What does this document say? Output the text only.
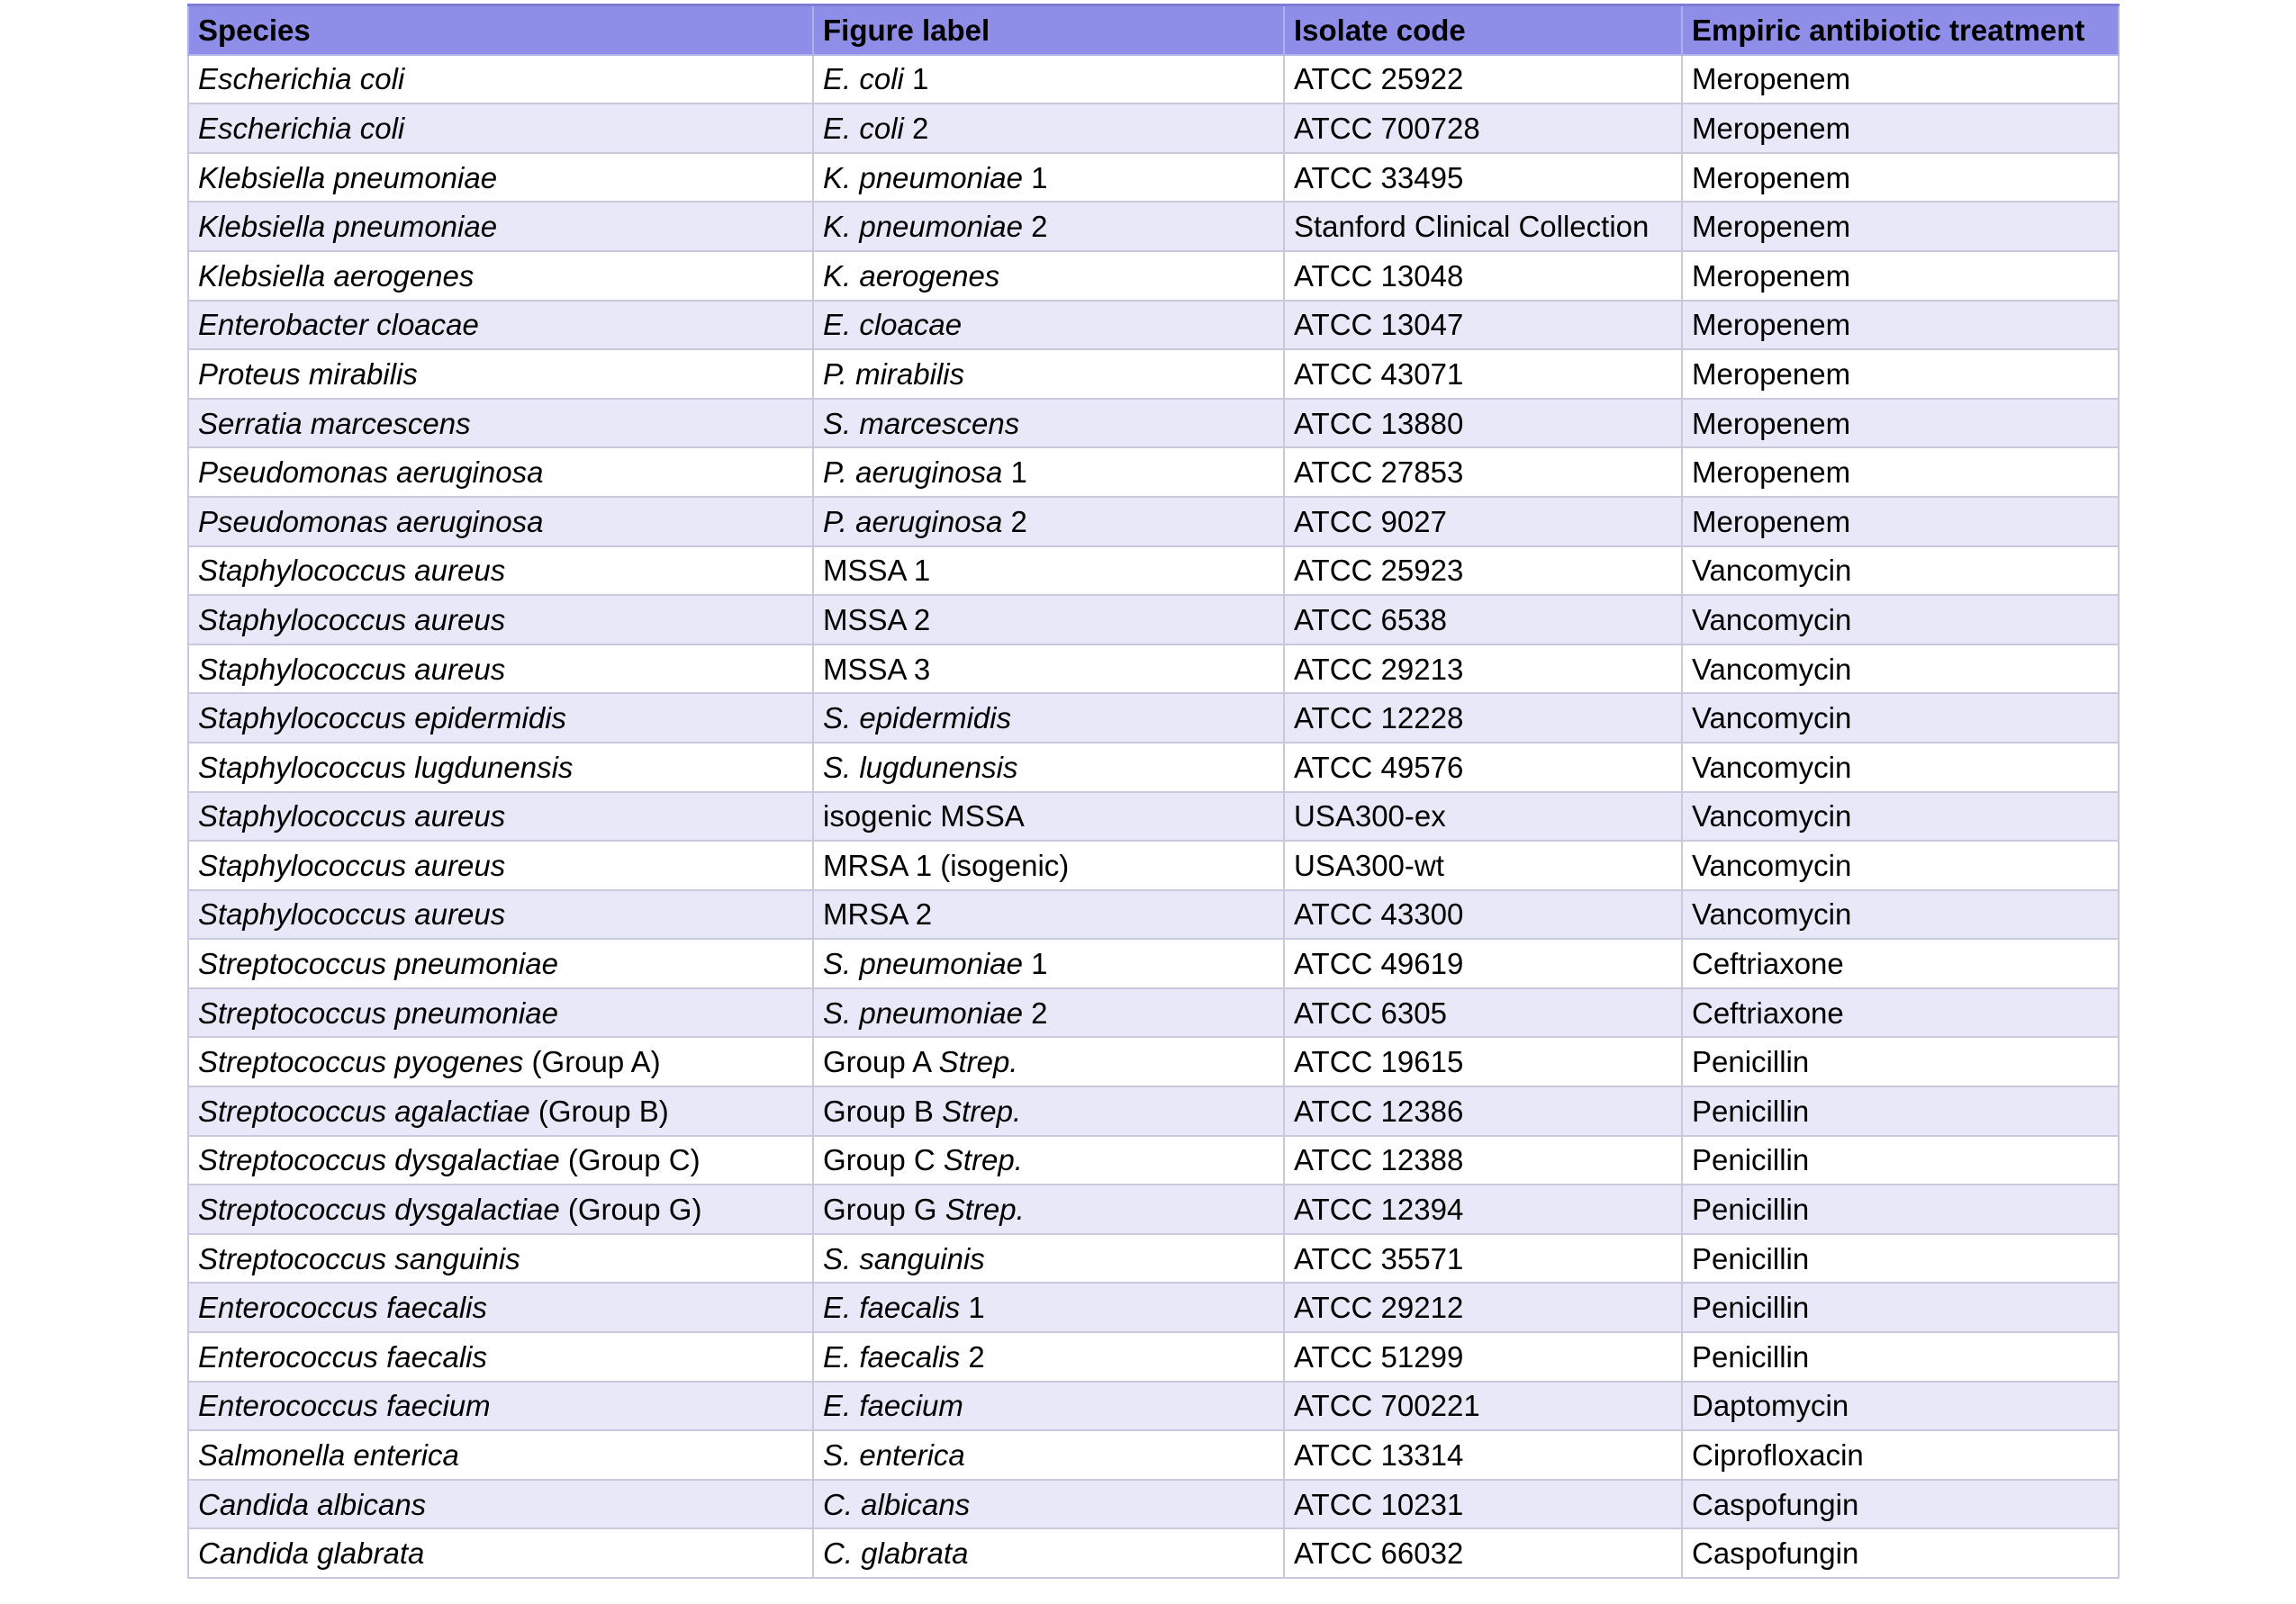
Species	Figure label	Isolate code	Empiric antibiotic treatment
Escherichia coli	E. coli 1	ATCC 25922	Meropenem
Escherichia coli	E. coli 2	ATCC 700728	Meropenem
Klebsiella pneumoniae	K. pneumoniae 1	ATCC 33495	Meropenem
Klebsiella pneumoniae	K. pneumoniae 2	Stanford Clinical Collection	Meropenem
Klebsiella aerogenes	K. aerogenes	ATCC 13048	Meropenem
Enterobacter cloacae	E. cloacae	ATCC 13047	Meropenem
Proteus mirabilis	P. mirabilis	ATCC 43071	Meropenem
Serratia marcescens	S. marcescens	ATCC 13880	Meropenem
Pseudomonas aeruginosa	P. aeruginosa 1	ATCC 27853	Meropenem
Pseudomonas aeruginosa	P. aeruginosa 2	ATCC 9027	Meropenem
Staphylococcus aureus	MSSA 1	ATCC 25923	Vancomycin
Staphylococcus aureus	MSSA 2	ATCC 6538	Vancomycin
Staphylococcus aureus	MSSA 3	ATCC 29213	Vancomycin
Staphylococcus epidermidis	S. epidermidis	ATCC 12228	Vancomycin
Staphylococcus lugdunensis	S. lugdunensis	ATCC 49576	Vancomycin
Staphylococcus aureus	isogenic MSSA	USA300-ex	Vancomycin
Staphylococcus aureus	MRSA 1 (isogenic)	USA300-wt	Vancomycin
Staphylococcus aureus	MRSA 2	ATCC 43300	Vancomycin
Streptococcus pneumoniae	S. pneumoniae 1	ATCC 49619	Ceftriaxone
Streptococcus pneumoniae	S. pneumoniae 2	ATCC 6305	Ceftriaxone
Streptococcus pyogenes (Group A)	Group A Strep.	ATCC 19615	Penicillin
Streptococcus agalactiae (Group B)	Group B Strep.	ATCC 12386	Penicillin
Streptococcus dysgalactiae (Group C)	Group C Strep.	ATCC 12388	Penicillin
Streptococcus dysgalactiae (Group G)	Group G Strep.	ATCC 12394	Penicillin
Streptococcus sanguinis	S. sanguinis	ATCC 35571	Penicillin
Enterococcus faecalis	E. faecalis 1	ATCC 29212	Penicillin
Enterococcus faecalis	E. faecalis 2	ATCC 51299	Penicillin
Enterococcus faecium	E. faecium	ATCC 700221	Daptomycin
Salmonella enterica	S. enterica	ATCC 13314	Ciprofloxacin
Candida albicans	C. albicans	ATCC 10231	Caspofungin
Candida glabrata	C. glabrata	ATCC 66032	Caspofungin
